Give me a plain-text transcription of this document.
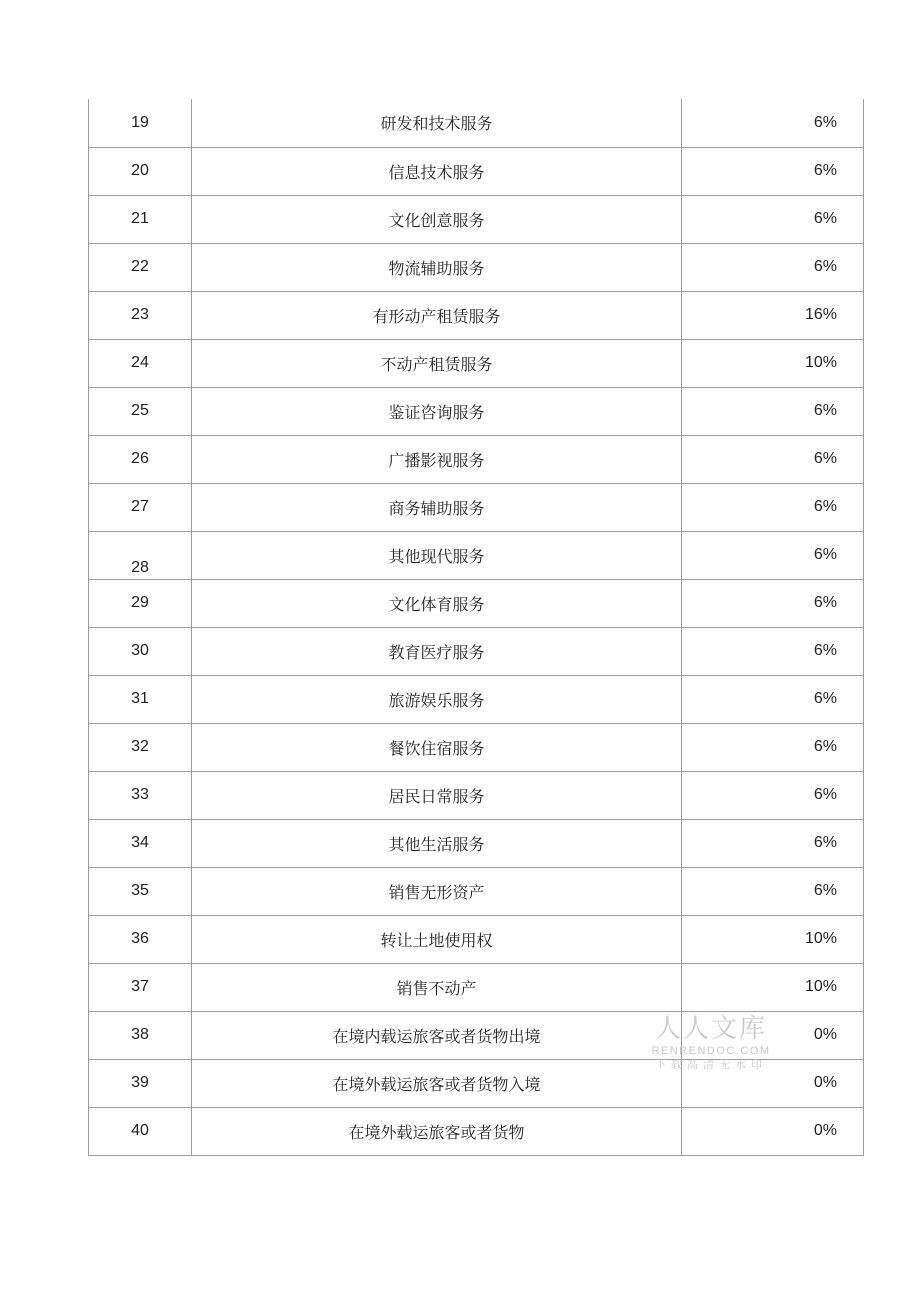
19	研发和技术服务	6%
20	信息技术服务	6%
21	文化创意服务	6%
22	物流辅助服务	6%
23	有形动产租赁服务	16%
24	不动产租赁服务	10%
25	鉴证咨询服务	6%
26	广播影视服务	6%
27	商务辅助服务	6%
28	其他现代服务	6%
29	文化体育服务	6%
30	教育医疗服务	6%
31	旅游娱乐服务	6%
32	餐饮住宿服务	6%
33	居民日常服务	6%
34	其他生活服务	6%
35	销售无形资产	6%
36	转让土地使用权	10%
37	销售不动产	10%
38	在境内载运旅客或者货物出境	0%
39	在境外载运旅客或者货物入境	0%
40	在境外载运旅客或者货物	0%
人人文库
RENRENDOC.COM
下载高清无水印
